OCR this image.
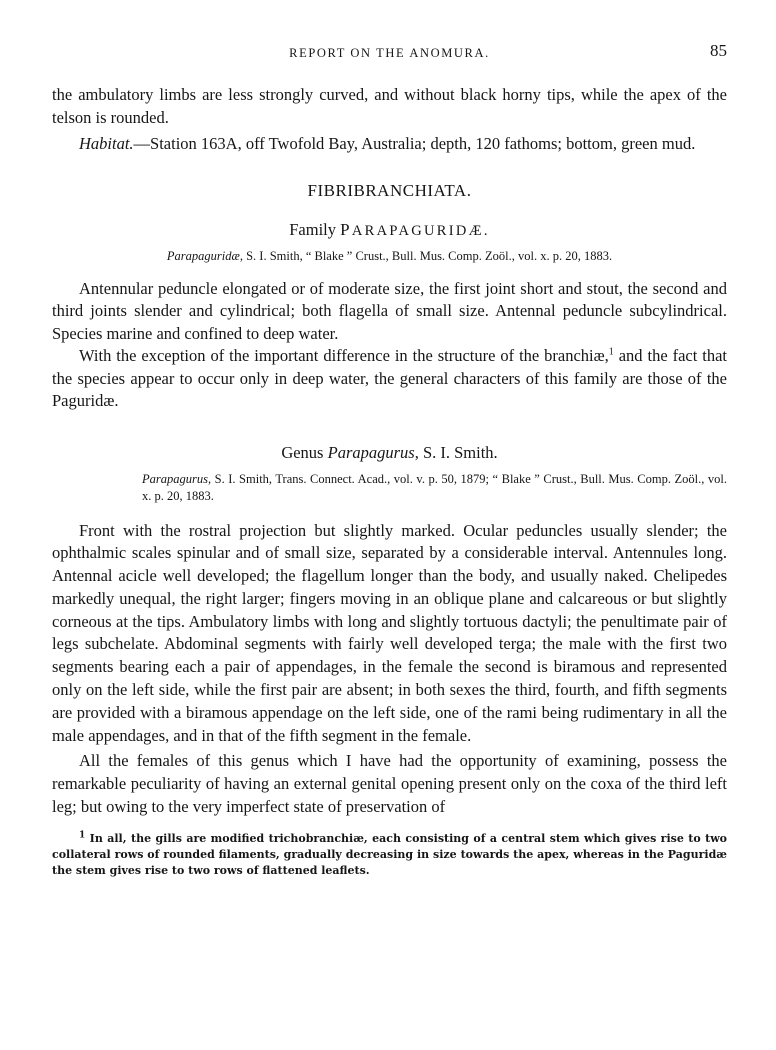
REPORT ON THE ANOMURA.	85

the ambulatory limbs are less strongly curved, and without black horny tips, while the apex of the telson is rounded.

Habitat.—Station 163A, off Twofold Bay, Australia; depth, 120 fathoms; bottom, green mud.

FIBRIBRANCHIATA.
Family PARAPAGURIDÆ.

Parapaguridæ, S. I. Smith, “ Blake ” Crust., Bull. Mus. Comp. Zoöl., vol. x. p. 20, 1883.

Antennular peduncle elongated or of moderate size, the first joint short and stout, the second and third joints slender and cylindrical; both flagella of small size. Antennal peduncle subcylindrical. Species marine and confined to deep water.

With the exception of the important difference in the structure of the branchiæ,$^1$ and the fact that the species appear to occur only in deep water, the general characters of this family are those of the Paguridæ.

Genus Parapagurus, S. I. Smith.

Parapagurus, S. I. Smith, Trans. Connect. Acad., vol. v. p. 50, 1879; “ Blake ” Crust., Bull. Mus. Comp. Zoöl., vol. x. p. 20, 1883.

Front with the rostral projection but slightly marked. Ocular peduncles usually slender; the ophthalmic scales spinular and of small size, separated by a considerable interval. Antennules long. Antennal acicle well developed; the flagellum longer than the body, and usually naked. Chelipedes markedly unequal, the right larger; fingers moving in an oblique plane and calcareous or but slightly corneous at the tips. Ambulatory limbs with long and slightly tortuous dactyli; the penultimate pair of legs subchelate. Abdominal segments with fairly well developed terga; the male with the first two segments bearing each a pair of appendages, in the female the second is biramous and represented only on the left side, while the first pair are absent; in both sexes the third, fourth, and fifth segments are provided with a biramous appendage on the left side, one of the rami being rudimentary in all the male appendages, and in that of the fifth segment in the female.

All the females of this genus which I have had the opportunity of examining, possess the remarkable peculiarity of having an external genital opening present only on the coxa of the third left leg; but owing to the very imperfect state of preservation of

$^1$ In all, the gills are modified trichobranchiæ, each consisting of a central stem which gives rise to two collateral rows of rounded filaments, gradually decreasing in size towards the apex, whereas in the Paguridæ the stem gives rise to two rows of flattened leaflets.
